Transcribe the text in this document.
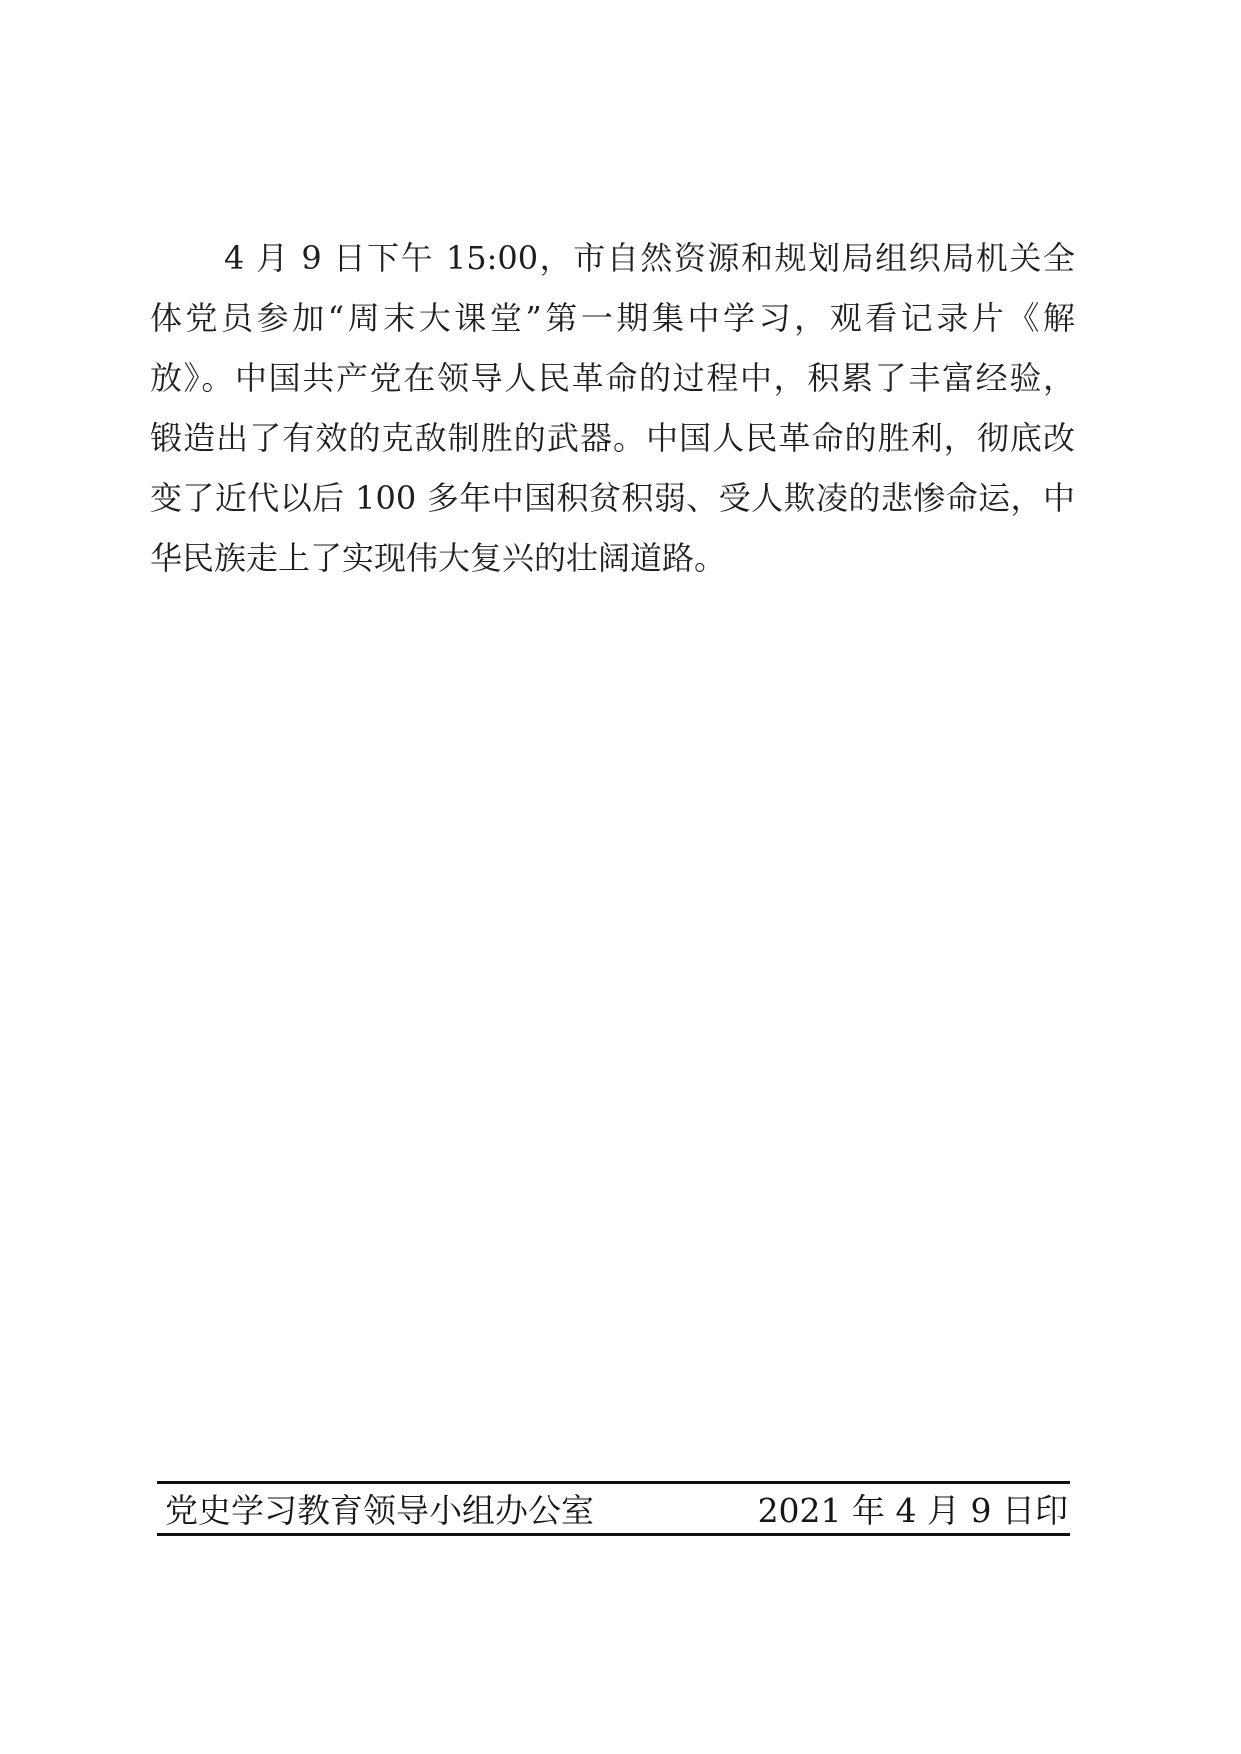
4 月 9 日下午 15:00，市自然资源和规划局组织局机关全
体党员参加“周末大课堂”第一期集中学习，观看记录片《解
放》。中国共产党在领导人民革命的过程中，积累了丰富经验，
锻造出了有效的克敌制胜的武器。中国人民革命的胜利，彻底改
变了近代以后 100 多年中国积贫积弱、受人欺凌的悲惨命运，中
华民族走上了实现伟大复兴的壮阔道路。
党史学习教育领导小组办公室	2021 年 4 月 9 日印
